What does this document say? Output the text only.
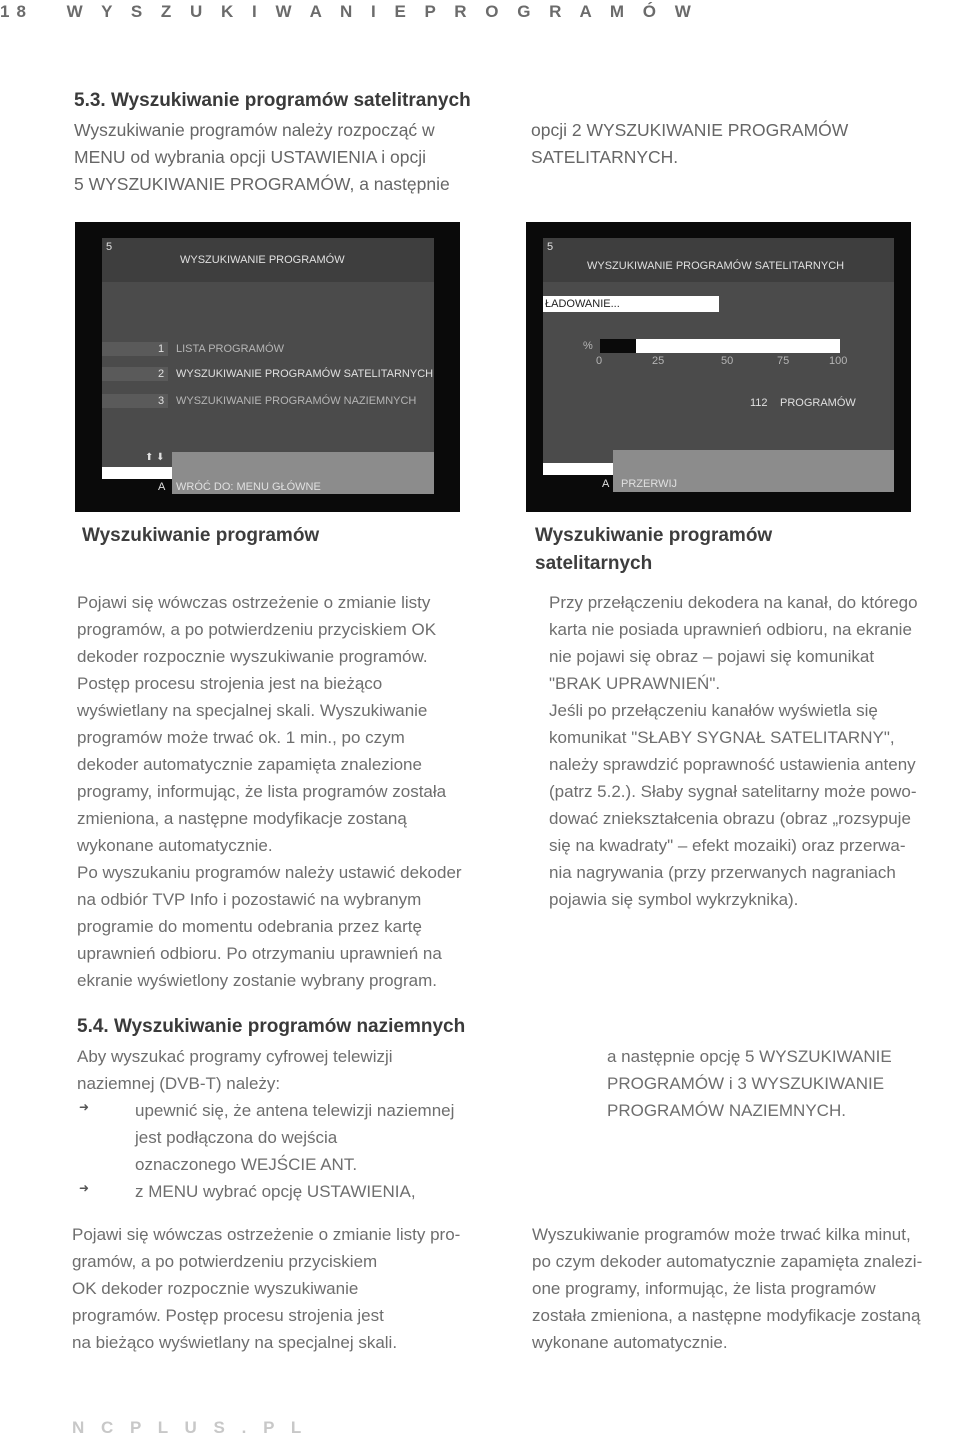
18 W Y S Z U K I W A N I E P R O G R A M Ó W
5.3. Wyszukiwanie programów satelitranych
Wyszukiwanie programów należy rozpocząć w
MENU od wybrania opcji USTAWIENIA i opcji
5 WYSZUKIWANIE PROGRAMÓW, a następnie
opcji 2 WYSZUKIWANIE PROGRAMÓW
SATELITARNYCH.
5
WYSZUKIWANIE PROGRAMÓW
1 LISTA PROGRAMÓW
2 WYSZUKIWANIE PROGRAMÓW SATELITARNYCH
3 WYSZUKIWANIE PROGRAMÓW NAZIEMNYCH
⬆ ⬇
A WRÓĆ DO: MENU GŁÓWNE
5
WYSZUKIWANIE PROGRAMÓW SATELITARNYCH
ŁADOWANIE...
%
0	25	50	75	100
112 PROGRAMÓW
A PRZERWIJ
Wyszukiwanie programów
Pojawi się wówczas ostrzeżenie o zmianie listy
programów, a po potwierdzeniu przyciskiem OK
dekoder rozpocznie wyszukiwanie programów.
Postęp procesu strojenia jest na bieżąco
wyświetlany na specjalnej skali. Wyszukiwanie
programów może trwać ok. 1 min., po czym
dekoder automatycznie zapamięta znalezione
programy, informując, że lista programów została
zmieniona, a następne modyfikacje zostaną
wykonane automatycznie.
Po wyszukaniu programów należy ustawić dekoder
na odbiór TVP Info i pozostawić na wybranym
programie do momentu odebrania przez kartę
uprawnień odbioru. Po otrzymaniu uprawnień na
ekranie wyświetlony zostanie wybrany program.
Wyszukiwanie programów
satelitarnych
Przy przełączeniu dekodera na kanał, do którego
karta nie posiada uprawnień odbioru, na ekranie
nie pojawi się obraz – pojawi się komunikat
"BRAK UPRAWNIEŃ".
Jeśli po przełączeniu kanałów wyświetla się
komunikat "SŁABY SYGNAŁ SATELITARNY",
należy sprawdzić poprawność ustawienia anteny
(patrz 5.2.). Słaby sygnał satelitarny może powo-
dować zniekształcenia obrazu (obraz „rozsypuje
się na kwadraty" – efekt mozaiki) oraz przerwa-
nia nagrywania (przy przerwanych nagraniach
pojawia się symbol wykrzyknika).
5.4. Wyszukiwanie programów naziemnych
Aby wyszukać programy cyfrowej telewizji
naziemnej (DVB-T) należy:
➜	upewnić się, że antena telewizji naziemnej
jest podłączona do wejścia
oznaczonego WEJŚCIE ANT.
➜	z MENU wybrać opcję USTAWIENIA,
a następnie opcję 5 WYSZUKIWANIE
PROGRAMÓW i 3 WYSZUKIWANIE
PROGRAMÓW NAZIEMNYCH.
Pojawi się wówczas ostrzeżenie o zmianie listy pro-
gramów, a po potwierdzeniu przyciskiem
OK dekoder rozpocznie wyszukiwanie
programów. Postęp procesu strojenia jest
na bieżąco wyświetlany na specjalnej skali.
Wyszukiwanie programów może trwać kilka minut,
po czym dekoder automatycznie zapamięta znalezi-
one programy, informując, że lista programów
została zmieniona, a następne modyfikacje zostaną
wykonane automatycznie.
N C P L U S . P L
